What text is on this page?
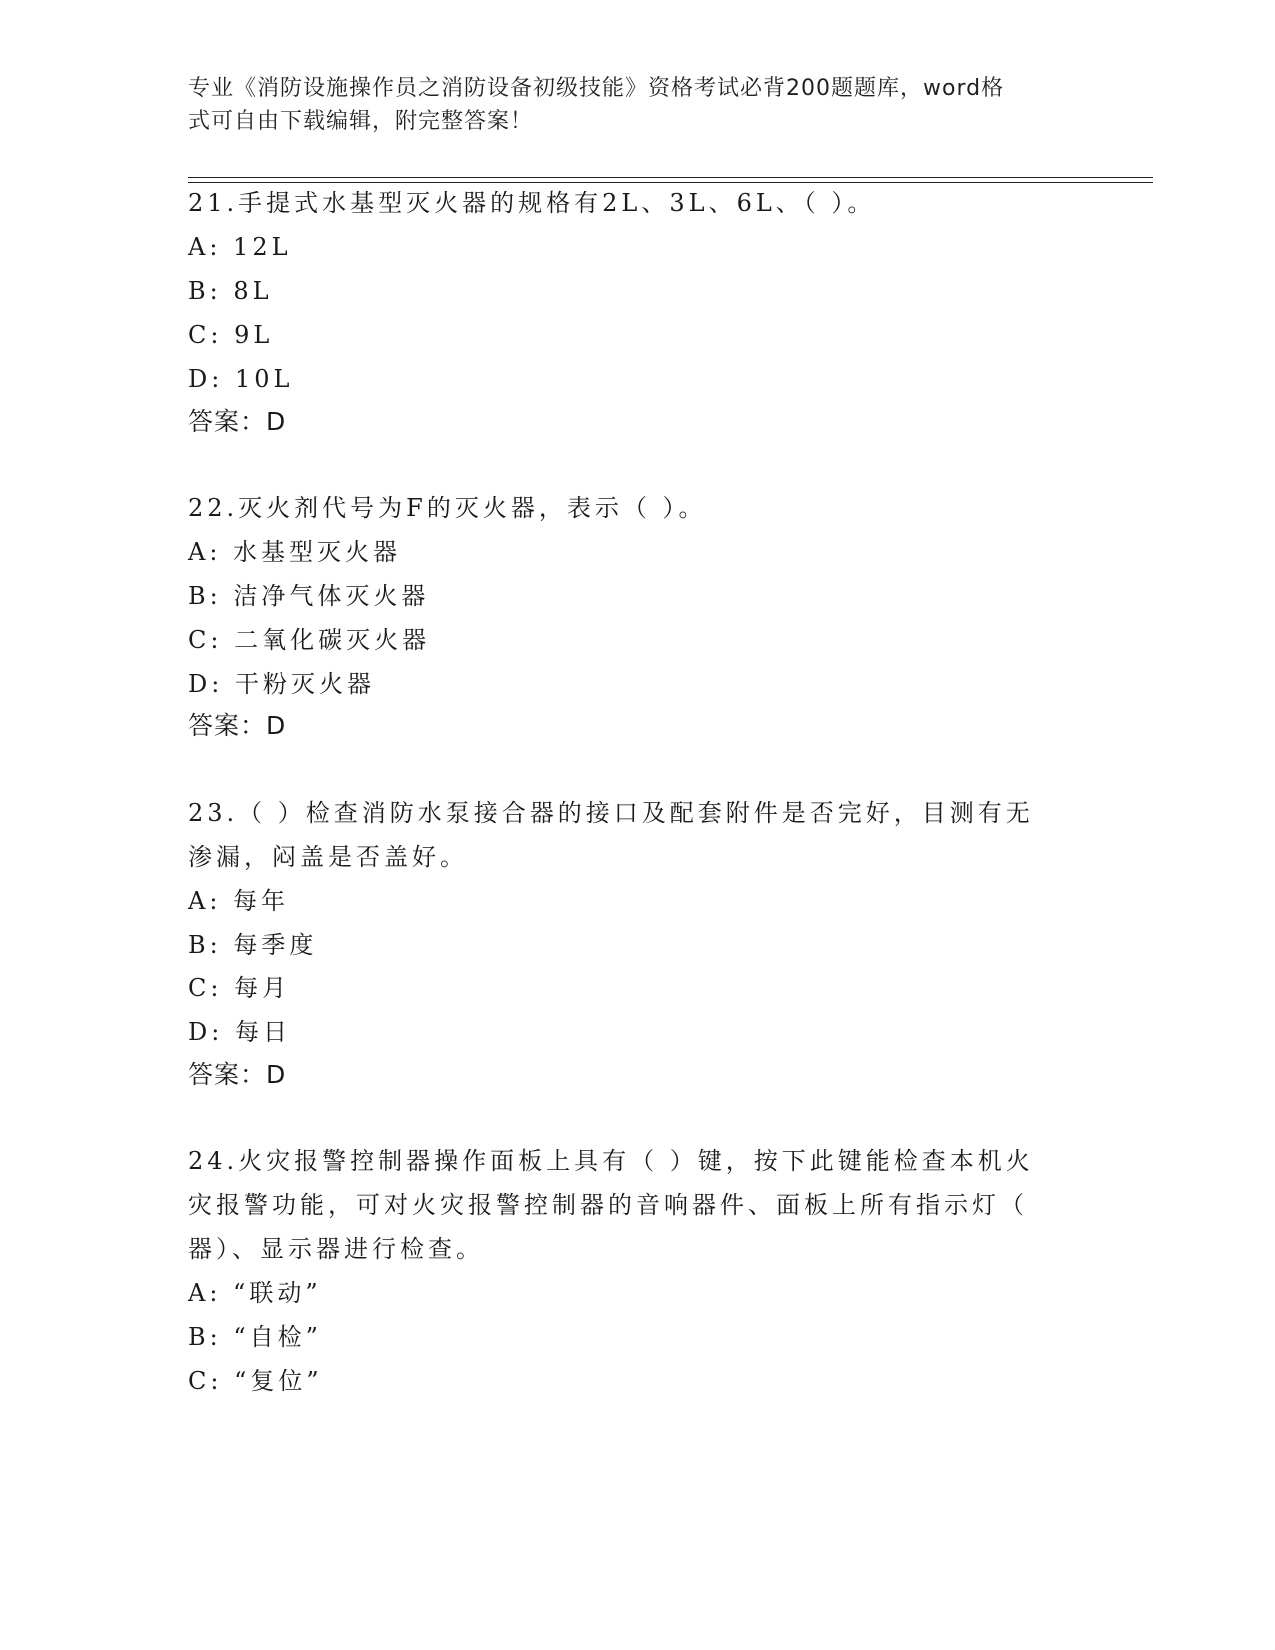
专业《消防设施操作员之消防设备初级技能》资格考试必背200题题库，word格
式可自由下载编辑，附完整答案！
21.手提式水基型灭火器的规格有2L、3L、6L、（ ）。
A: 12L
B: 8L
C: 9L
D: 10L
答案：D
22.灭火剂代号为F的灭火器，表示（ ）。
A: 水基型灭火器
B: 洁净气体灭火器
C: 二氧化碳灭火器
D: 干粉灭火器
答案：D
23.（ ）检查消防水泵接合器的接口及配套附件是否完好，目测有无
渗漏，闷盖是否盖好。
A: 每年
B: 每季度
C: 每月
D: 每日
答案：D
24.火灾报警控制器操作面板上具有（ ）键，按下此键能检查本机火
灾报警功能，可对火灾报警控制器的音响器件、面板上所有指示灯（
器）、显示器进行检查。
A: “联动”
B: “自检”
C: “复位”
